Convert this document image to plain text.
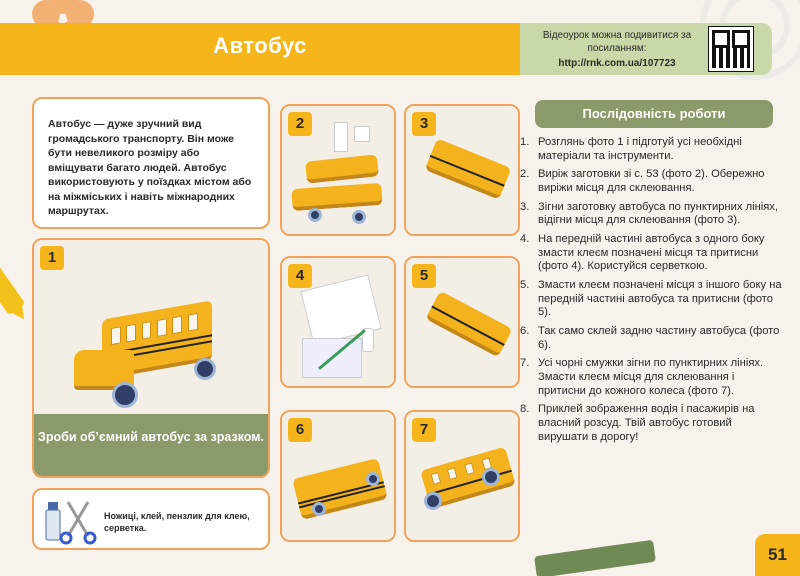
Автобус	Відеоурок можна подивитися за посиланням:
http://rnk.com.ua/107723

Автобус — дуже зручний вид громадського транспорту. Він може бути невеликого розміру або вміщувати багато людей. Автобус використовують у поїздках містом або на міжміських і навіть міжнародних маршрутах.

1
Зроби об’ємний автобус за зразком.
Ножиці, клей, пензлик для клею, серветка.
2	3
4	5
6	7
Послідовність роботи
1. Розглянь фото 1 і підготуй усі необхідні матеріали та інструменти.
2. Виріж заготовки зі с. 53 (фото 2). Обережно виріжи місця для склеювання.
3. Зігни заготовку автобуса по пунктирних лініях, відігни місця для склеювання (фото 3).
4. На передній частині автобуса з одного боку змасти клеєм позначені місця та притисни (фото 4). Користуйся серветкою.
5. Змасти клеєм позначені місця з іншого боку на передній частині автобуса та притисни (фото 5).
6. Так само склей задню частину автобуса (фото 6).
7. Усі чорні смужки зігни по пунктирних лініях. Змасти клеєм місця для склеювання і притисни до кожного колеса (фото 7).
8. Приклей зображення водія і пасажирів на власний розсуд. Твій автобус готовий вирушати в дорогу!
51
